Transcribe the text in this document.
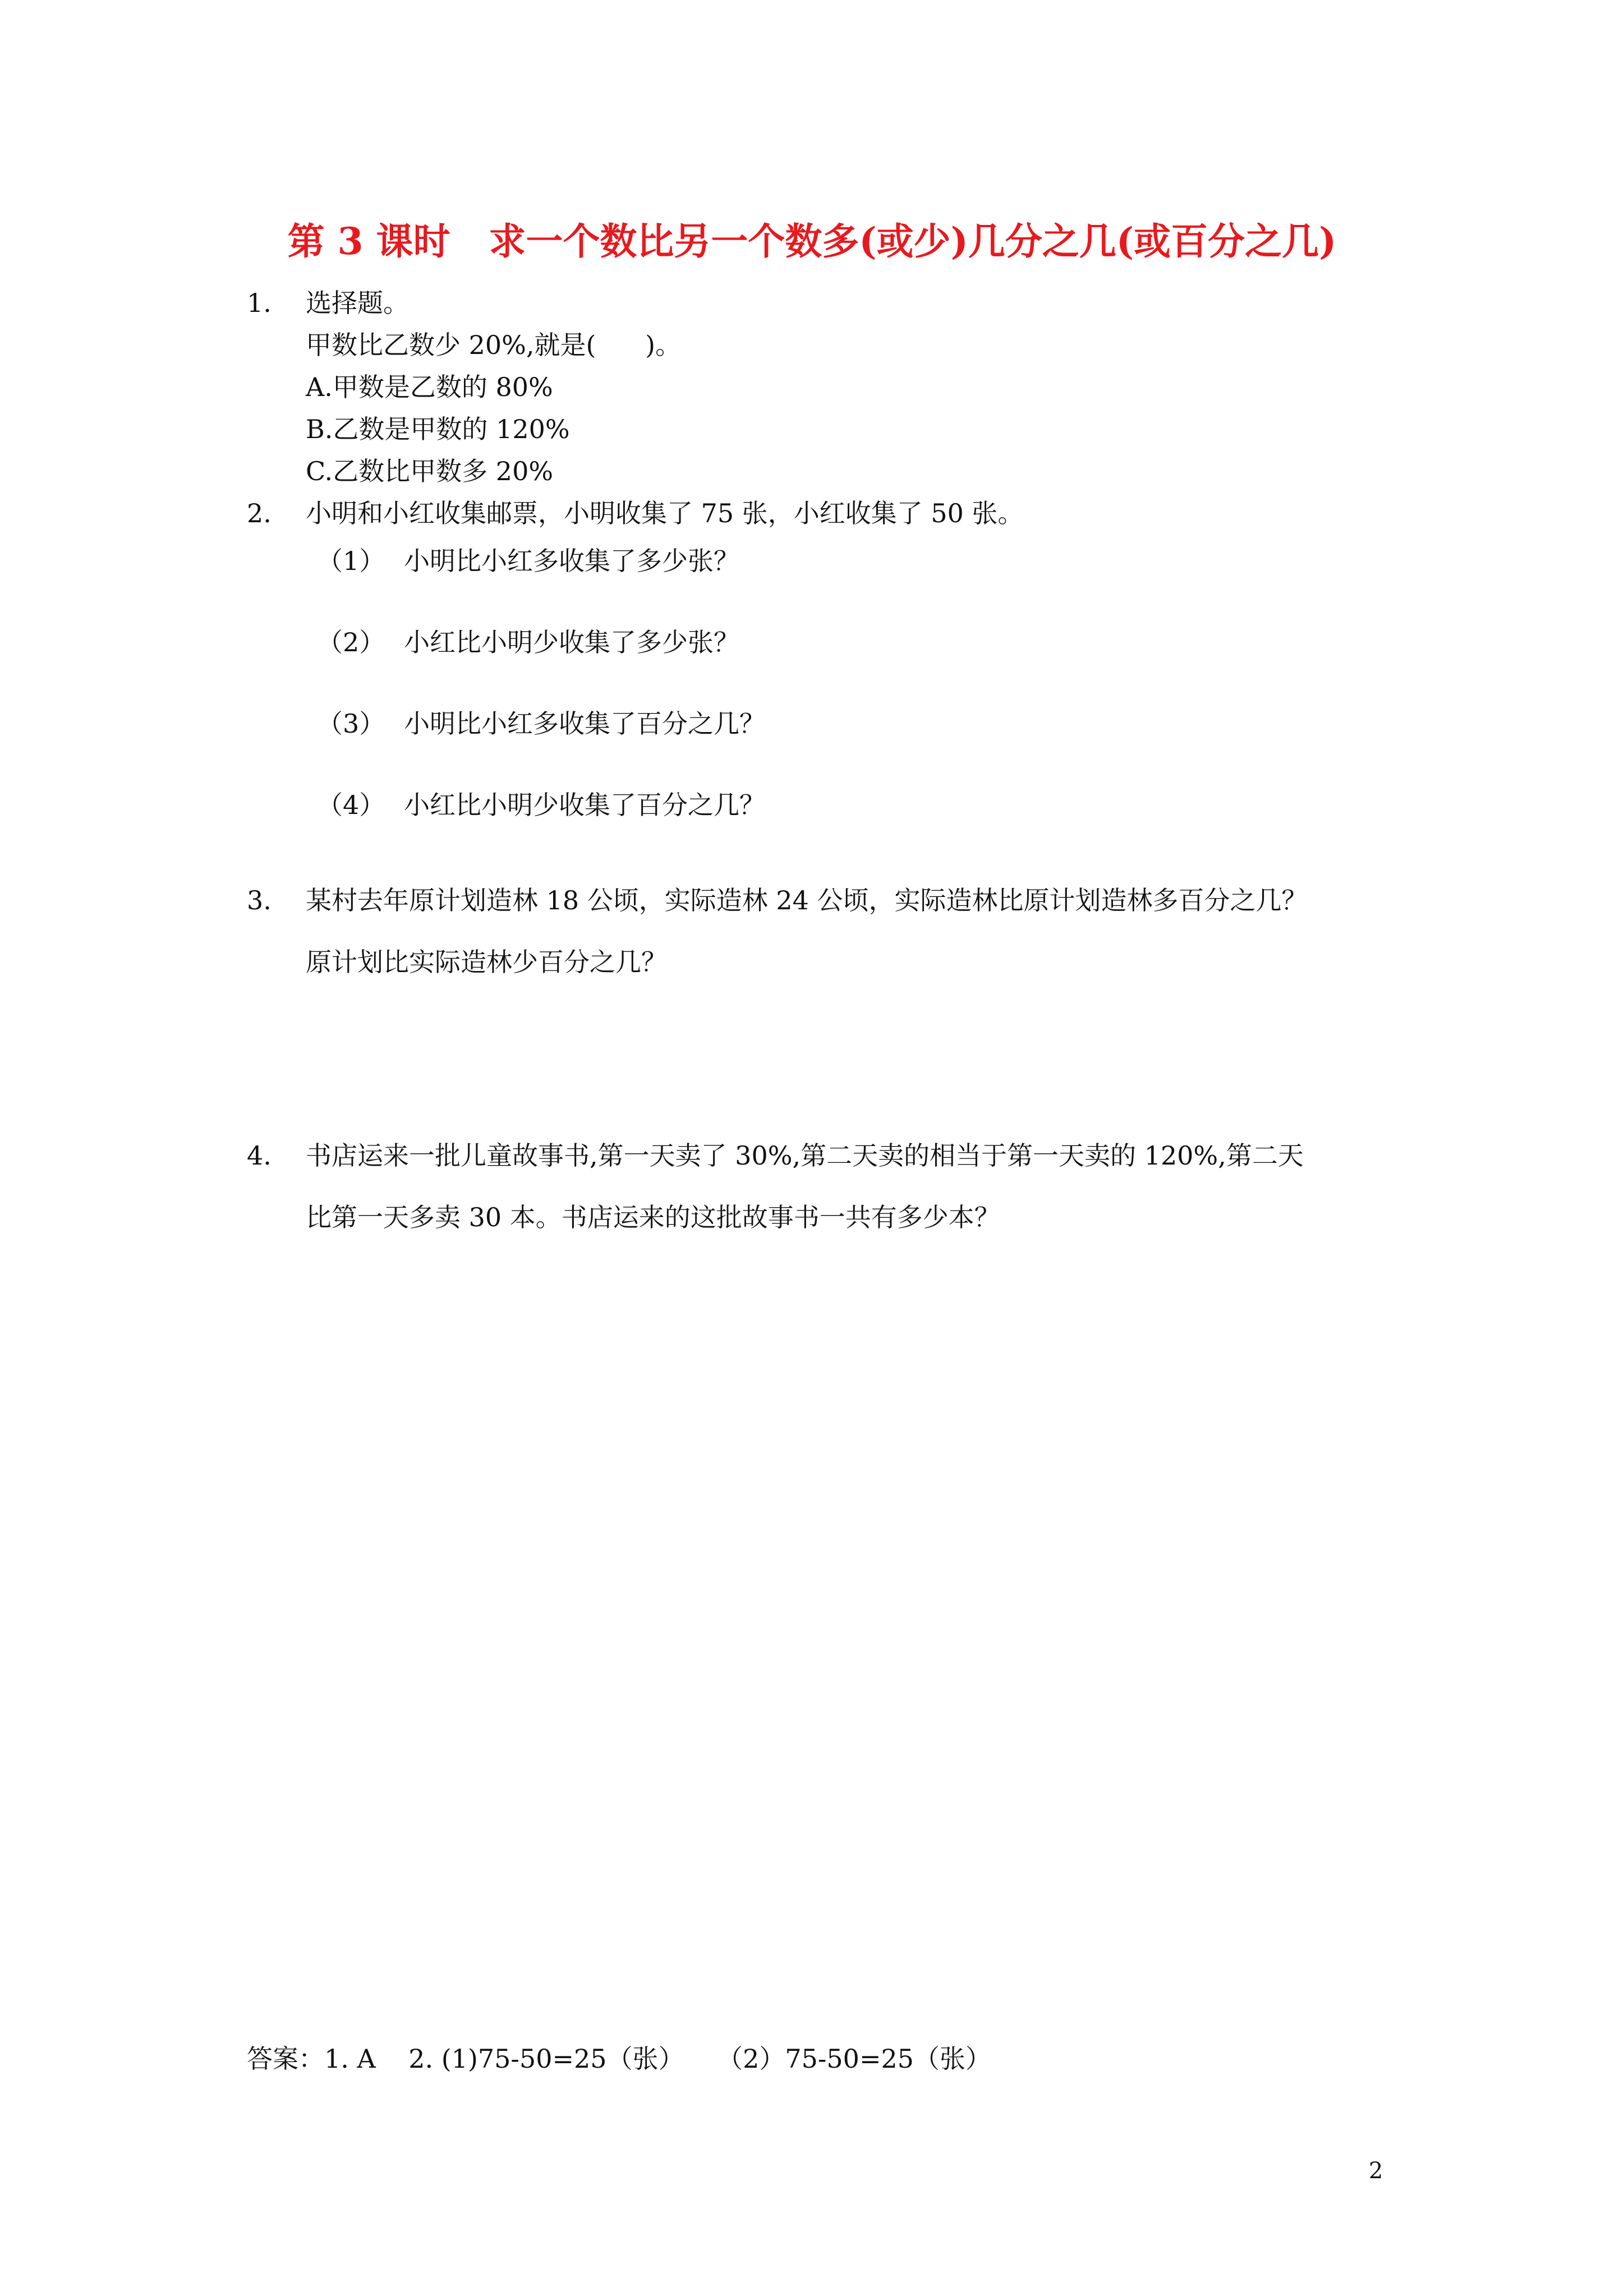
第 3 课时   求一个数比另一个数多(或少)几分之几(或百分之几)
1. 选择题。
甲数比乙数少 20%,就是(      )。
A.甲数是乙数的 80%
B.乙数是甲数的 120%
C.乙数比甲数多 20%
2. 小明和小红收集邮票，小明收集了 75 张，小红收集了 50 张。
（1） 小明比小红多收集了多少张？
（2） 小红比小明少收集了多少张？
（3） 小明比小红多收集了百分之几？
（4） 小红比小明少收集了百分之几？
3. 某村去年原计划造林 18 公顷，实际造林 24 公顷，实际造林比原计划造林多百分之几？
原计划比实际造林少百分之几？
4. 书店运来一批儿童故事书,第一天卖了 30%,第二天卖的相当于第一天卖的 120%,第二天
比第一天多卖 30 本。书店运来的这批故事书一共有多少本？
答案：1. A    2. (1)75-50=25（张）    （2）75-50=25（张）
2
